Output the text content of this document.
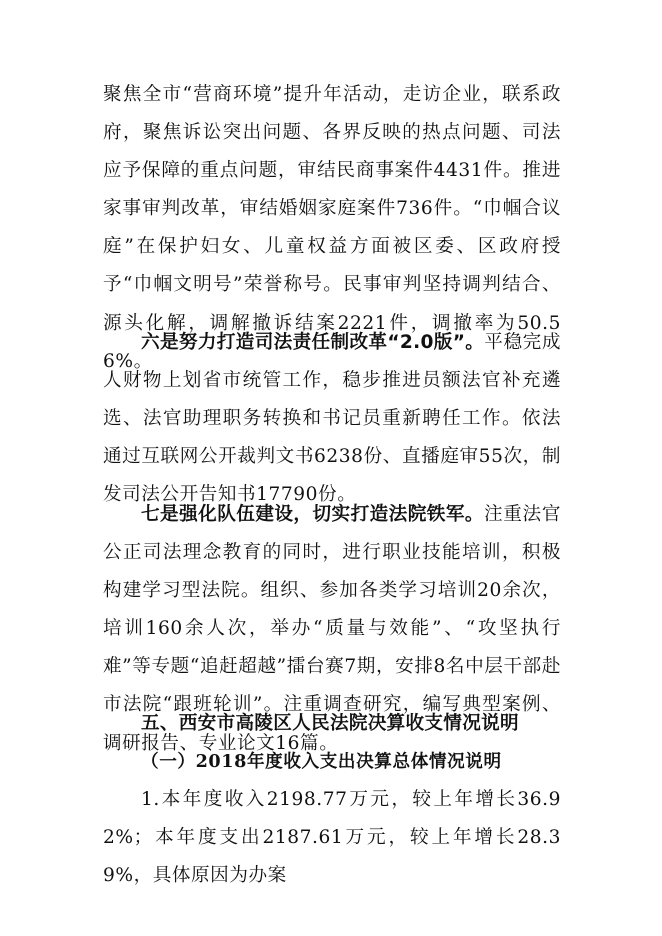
聚焦全市“营商环境”提升年活动，走访企业，联系政府，聚焦诉讼突出问题、各界反映的热点问题、司法应予保障的重点问题，审结民商事案件4431件。推进家事审判改革，审结婚姻家庭案件736件。“巾帼合议庭”在保护妇女、儿童权益方面被区委、区政府授予“巾帼文明号”荣誉称号。民事审判坚持调判结合、源头化解，调解撤诉结案2221件，调撤率为50.56%。

六是努力打造司法责任制改革“2.0版”。平稳完成人财物上划省市统管工作，稳步推进员额法官补充遴选、法官助理职务转换和书记员重新聘任工作。依法通过互联网公开裁判文书6238份、直播庭审55次，制发司法公开告知书17790份。

七是强化队伍建设，切实打造法院铁军。注重法官公正司法理念教育的同时，进行职业技能培训，积极构建学习型法院。组织、参加各类学习培训20余次，培训160余人次，举办“质量与效能”、“攻坚执行难”等专题“追赶超越”擂台赛7期，安排8名中层干部赴市法院“跟班轮训”。注重调查研究，编写典型案例、调研报告、专业论文16篇。

五、西安市高陵区人民法院决算收支情况说明
（一）2018年度收入支出决算总体情况说明

1.本年度收入2198.77万元，较上年增长36.92%；本年度支出2187.61万元，较上年增长28.39%，具体原因为办案
